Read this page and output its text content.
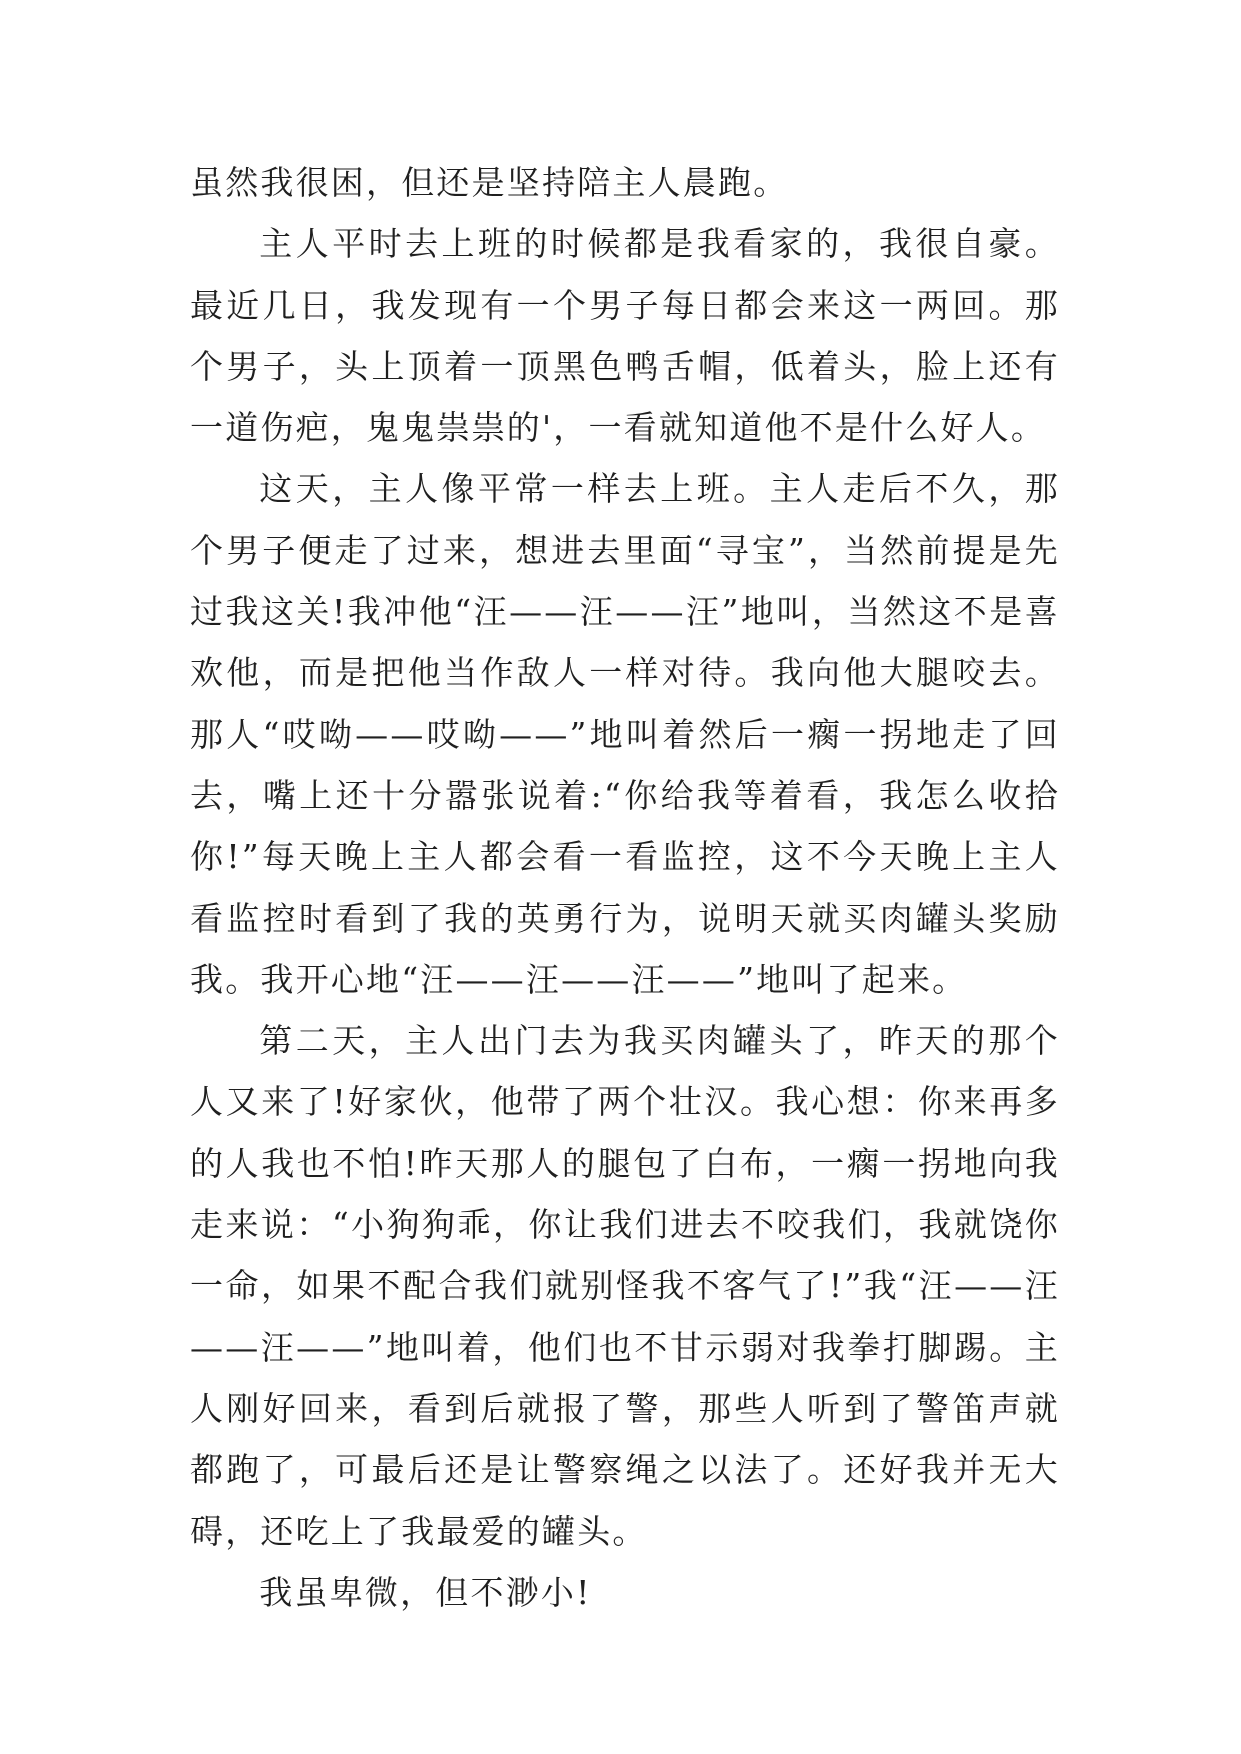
虽然我很困，但还是坚持陪主人晨跑。

主人平时去上班的时候都是我看家的，我很自豪。最近几日，我发现有一个男子每日都会来这一两回。那个男子，头上顶着一顶黑色鸭舌帽，低着头，脸上还有一道伤疤，鬼鬼祟祟的'，一看就知道他不是什么好人。

这天，主人像平常一样去上班。主人走后不久，那个男子便走了过来，想进去里面“寻宝”，当然前提是先过我这关!我冲他“汪——汪——汪”地叫，当然这不是喜欢他，而是把他当作敌人一样对待。我向他大腿咬去。那人“哎呦——哎呦——”地叫着然后一瘸一拐地走了回去，嘴上还十分嚣张说着:“你给我等着看，我怎么收拾你!”每天晚上主人都会看一看监控，这不今天晚上主人看监控时看到了我的英勇行为，说明天就买肉罐头奖励我。我开心地“汪——汪——汪——”地叫了起来。

第二天，主人出门去为我买肉罐头了，昨天的那个人又来了!好家伙，他带了两个壮汉。我心想：你来再多的人我也不怕!昨天那人的腿包了白布，一瘸一拐地向我走来说：“小狗狗乖，你让我们进去不咬我们，我就饶你一命，如果不配合我们就别怪我不客气了!”我“汪——汪——汪——”地叫着，他们也不甘示弱对我拳打脚踢。主人刚好回来，看到后就报了警，那些人听到了警笛声就都跑了，可最后还是让警察绳之以法了。还好我并无大碍，还吃上了我最爱的罐头。

我虽卑微，但不渺小!
